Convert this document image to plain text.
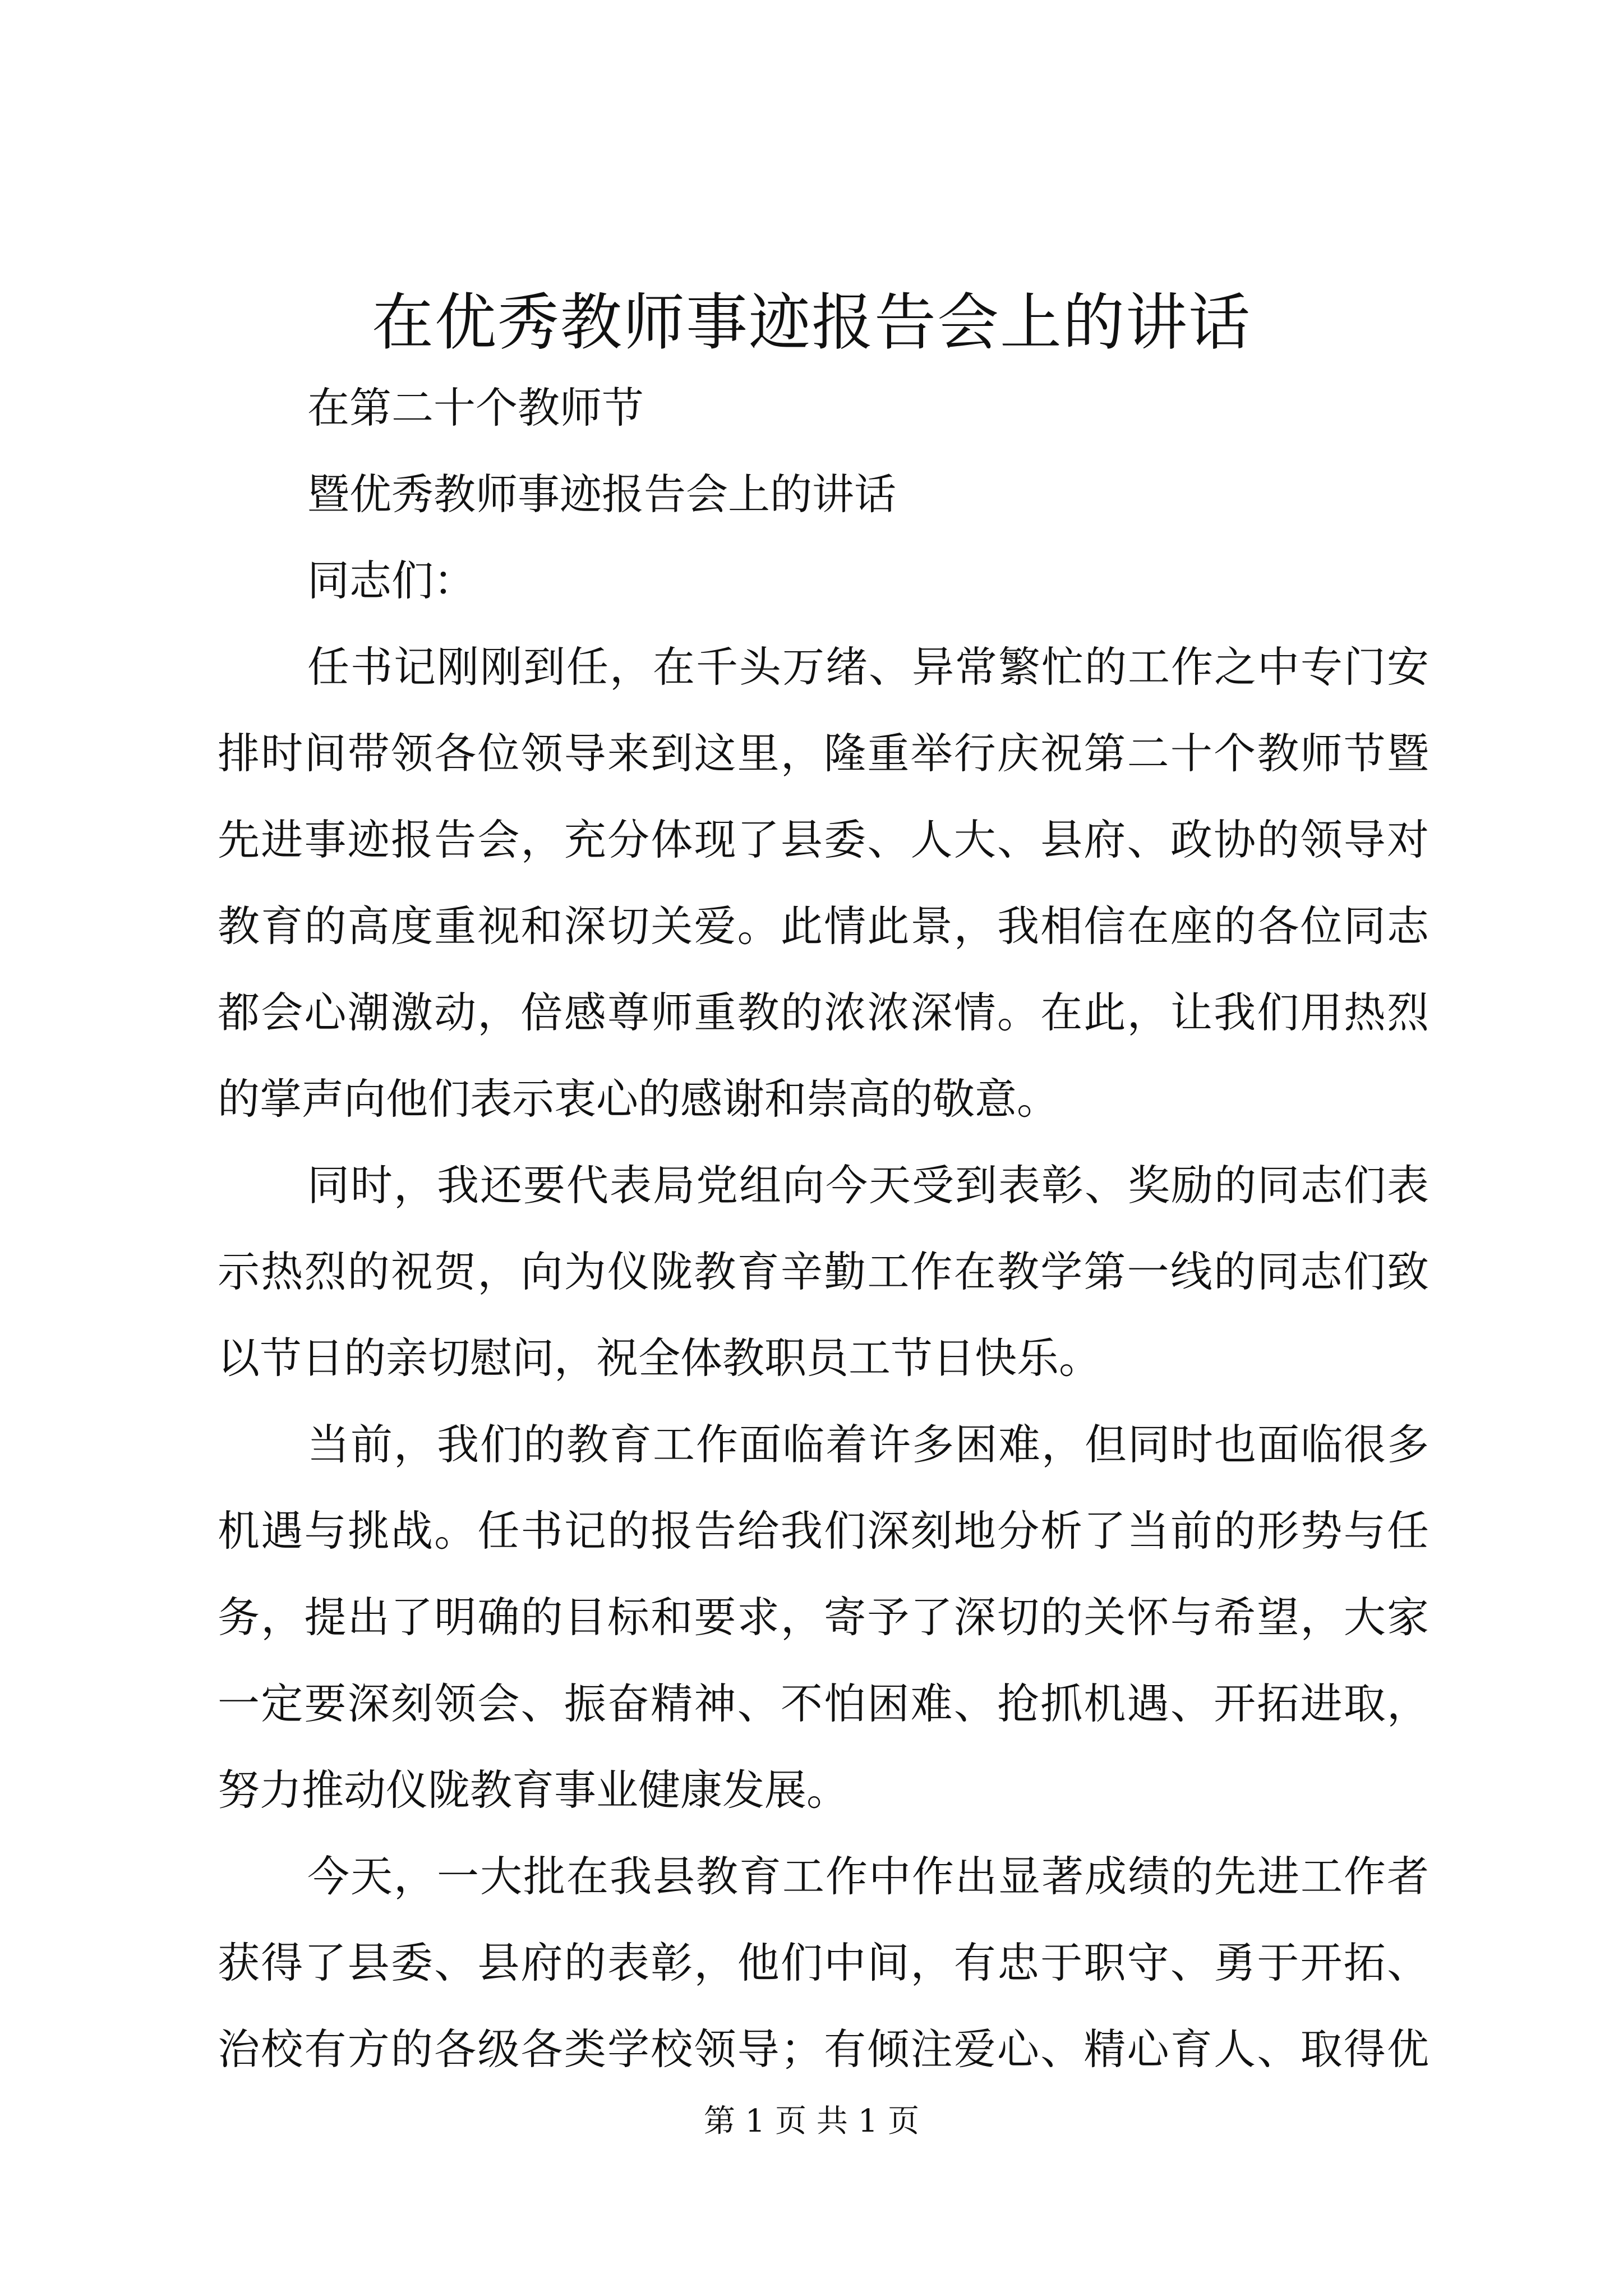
在优秀教师事迹报告会上的讲话
在第二十个教师节
暨优秀教师事迹报告会上的讲话
同志们：
任书记刚刚到任，在千头万绪、异常繁忙的工作之中专门安
排时间带领各位领导来到这里，隆重举行庆祝第二十个教师节暨
先进事迹报告会，充分体现了县委、人大、县府、政协的领导对
教育的高度重视和深切关爱。此情此景，我相信在座的各位同志
都会心潮激动，倍感尊师重教的浓浓深情。在此，让我们用热烈
的掌声向他们表示衷心的感谢和崇高的敬意。
同时，我还要代表局党组向今天受到表彰、奖励的同志们表
示热烈的祝贺，向为仪陇教育辛勤工作在教学第一线的同志们致
以节日的亲切慰问，祝全体教职员工节日快乐。
当前，我们的教育工作面临着许多困难，但同时也面临很多
机遇与挑战。任书记的报告给我们深刻地分析了当前的形势与任
务，提出了明确的目标和要求，寄予了深切的关怀与希望，大家
一定要深刻领会、振奋精神、不怕困难、抢抓机遇、开拓进取，
努力推动仪陇教育事业健康发展。
今天，一大批在我县教育工作中作出显著成绩的先进工作者
获得了县委、县府的表彰，他们中间，有忠于职守、勇于开拓、
治校有方的各级各类学校领导；有倾注爱心、精心育人、取得优
第 1 页 共 1 页
